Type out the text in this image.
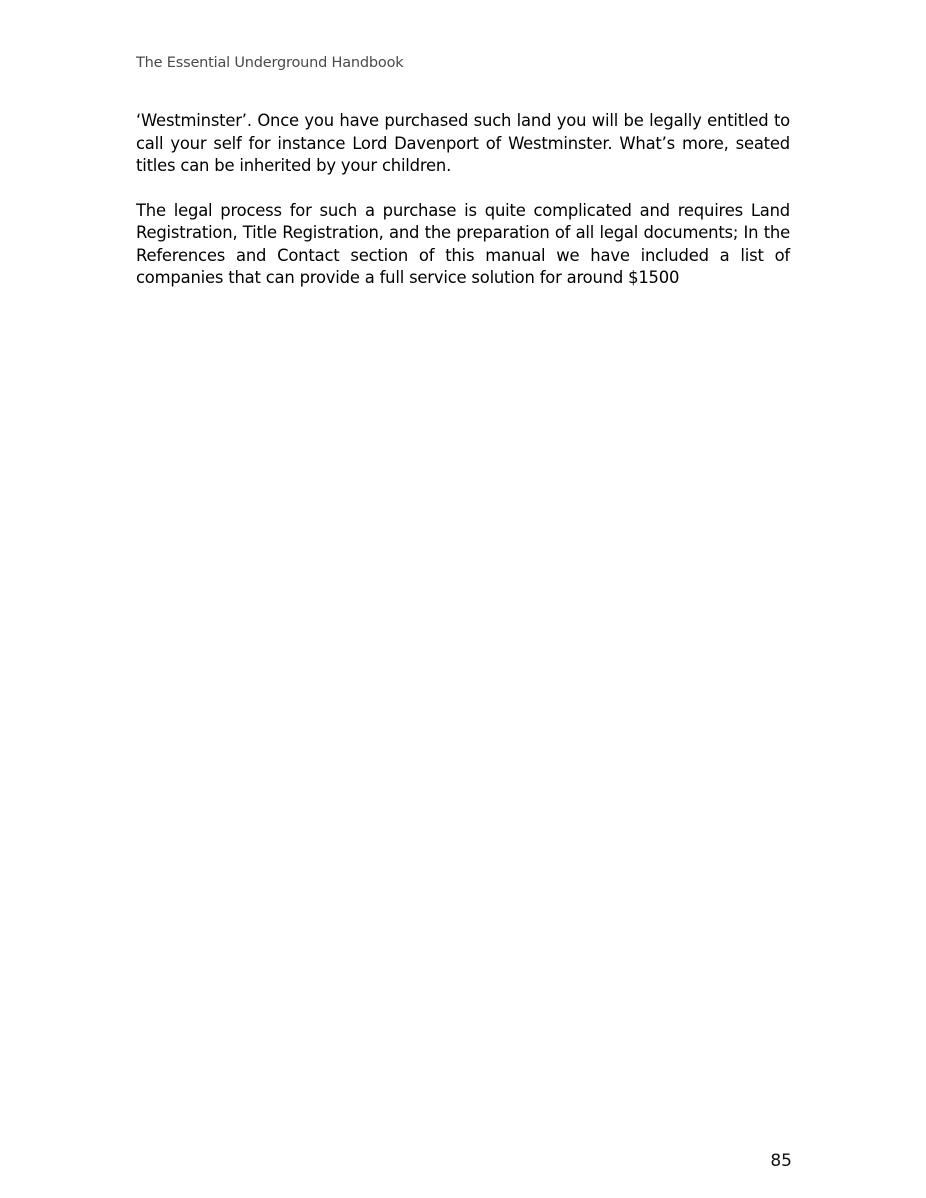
The Essential Underground Handbook

‘Westminster’. Once you have purchased such land you will be legally entitled to call your self for instance Lord Davenport of Westminster. What’s more, seated titles can be inherited by your children.

The legal process for such a purchase is quite complicated and requires Land Registration, Title Registration, and the preparation of all legal documents; In the References and Contact section of this manual we have included a list of companies that can provide a full service solution for around $1500

85
